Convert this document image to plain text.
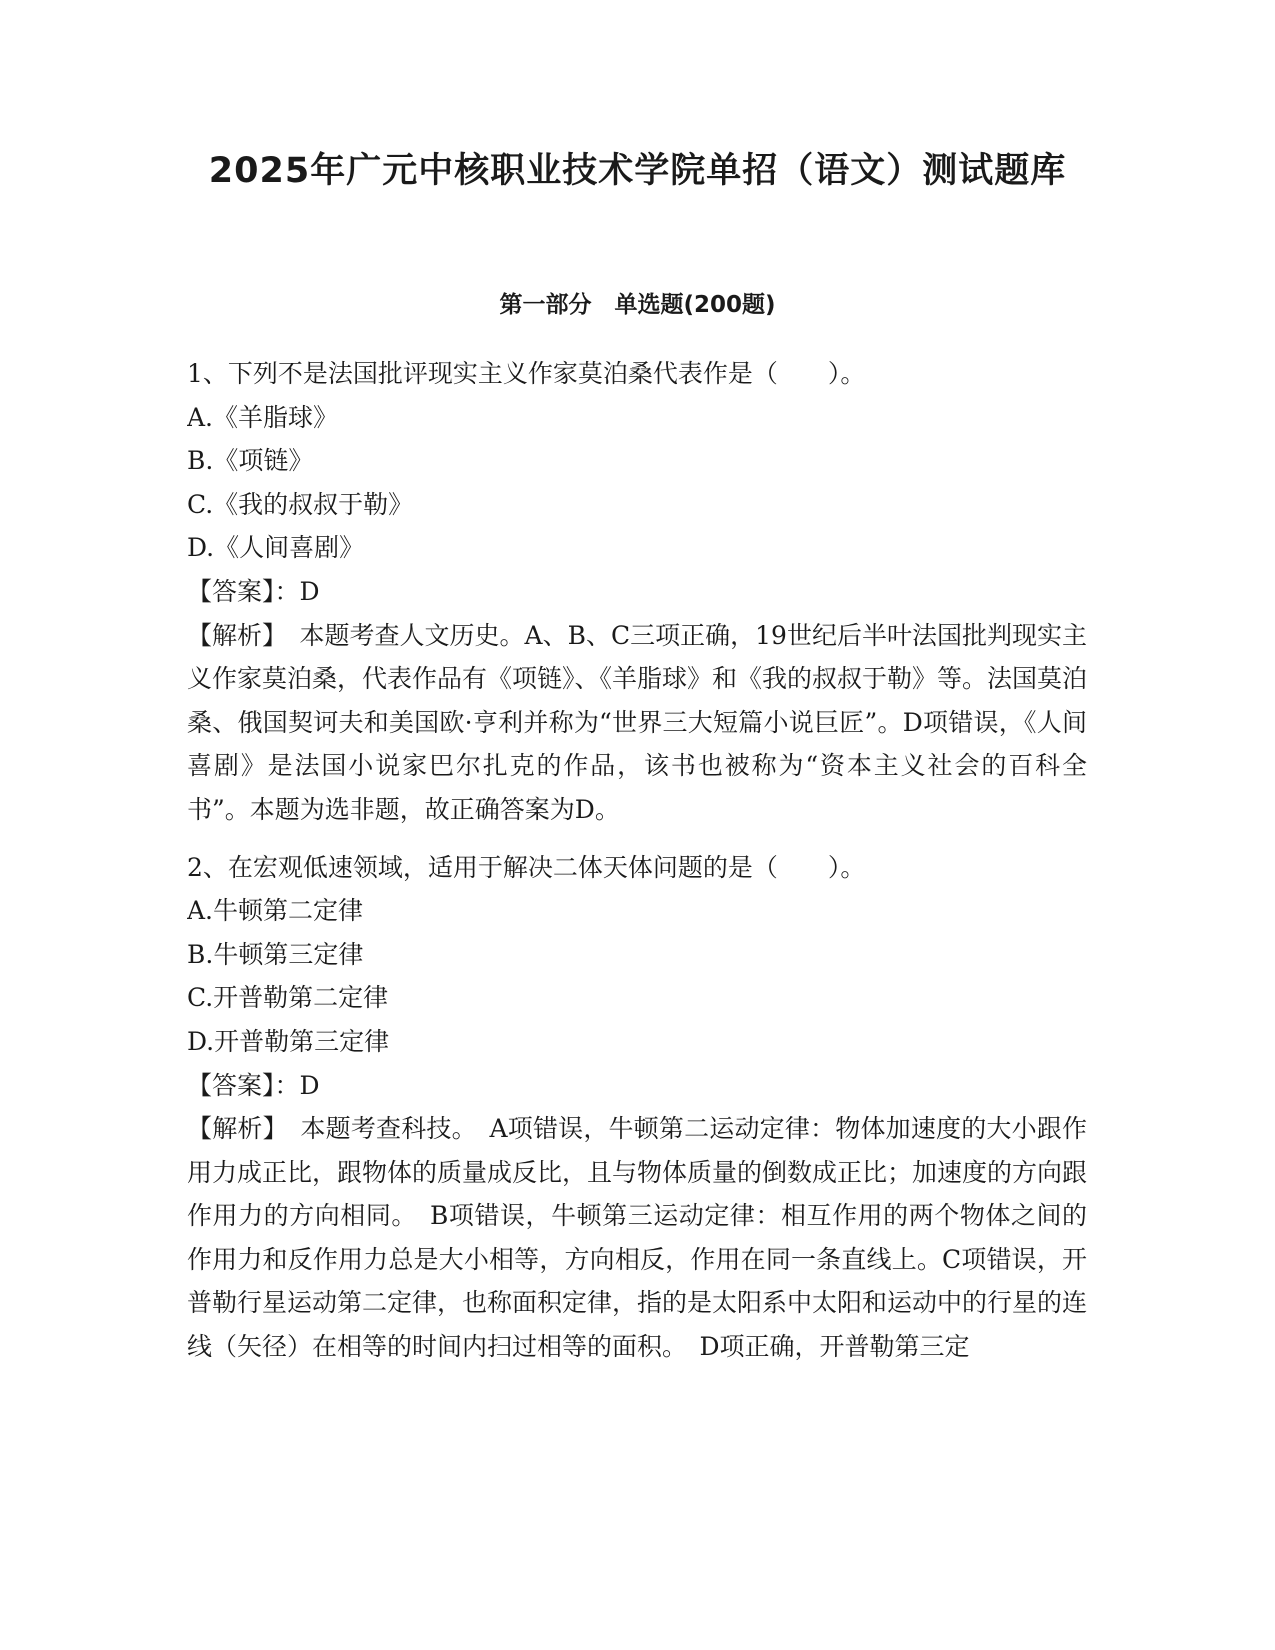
2025年广元中核职业技术学院单招（语文）测试题库
第一部分　单选题(200题)
1、下列不是法国批评现实主义作家莫泊桑代表作是（　　）。
A.《羊脂球》
B.《项链》
C.《我的叔叔于勒》
D.《人间喜剧》
【答案】：D
【解析】　本题考查人文历史。A、B、C三项正确，19世纪后半叶法国批判现实主义作家莫泊桑，代表作品有《项链》、《羊脂球》和《我的叔叔于勒》等。法国莫泊桑、俄国契诃夫和美国欧·亨利并称为“世界三大短篇小说巨匠”。D项错误，《人间喜剧》是法国小说家巴尔扎克的作品，该书也被称为“资本主义社会的百科全书”。本题为选非题，故正确答案为D。
2、在宏观低速领域，适用于解决二体天体问题的是（　　）。
A.牛顿第二定律
B.牛顿第三定律
C.开普勒第二定律
D.开普勒第三定律
【答案】：D
【解析】　本题考查科技。　A项错误，牛顿第二运动定律：物体加速度的大小跟作用力成正比，跟物体的质量成反比，且与物体质量的倒数成正比；加速度的方向跟作用力的方向相同。　B项错误，牛顿第三运动定律：相互作用的两个物体之间的作用力和反作用力总是大小相等，方向相反，作用在同一条直线上。C项错误，开普勒行星运动第二定律，也称面积定律，指的是太阳系中太阳和运动中的行星的连线（矢径）在相等的时间内扫过相等的面积。　D项正确，开普勒第三定
